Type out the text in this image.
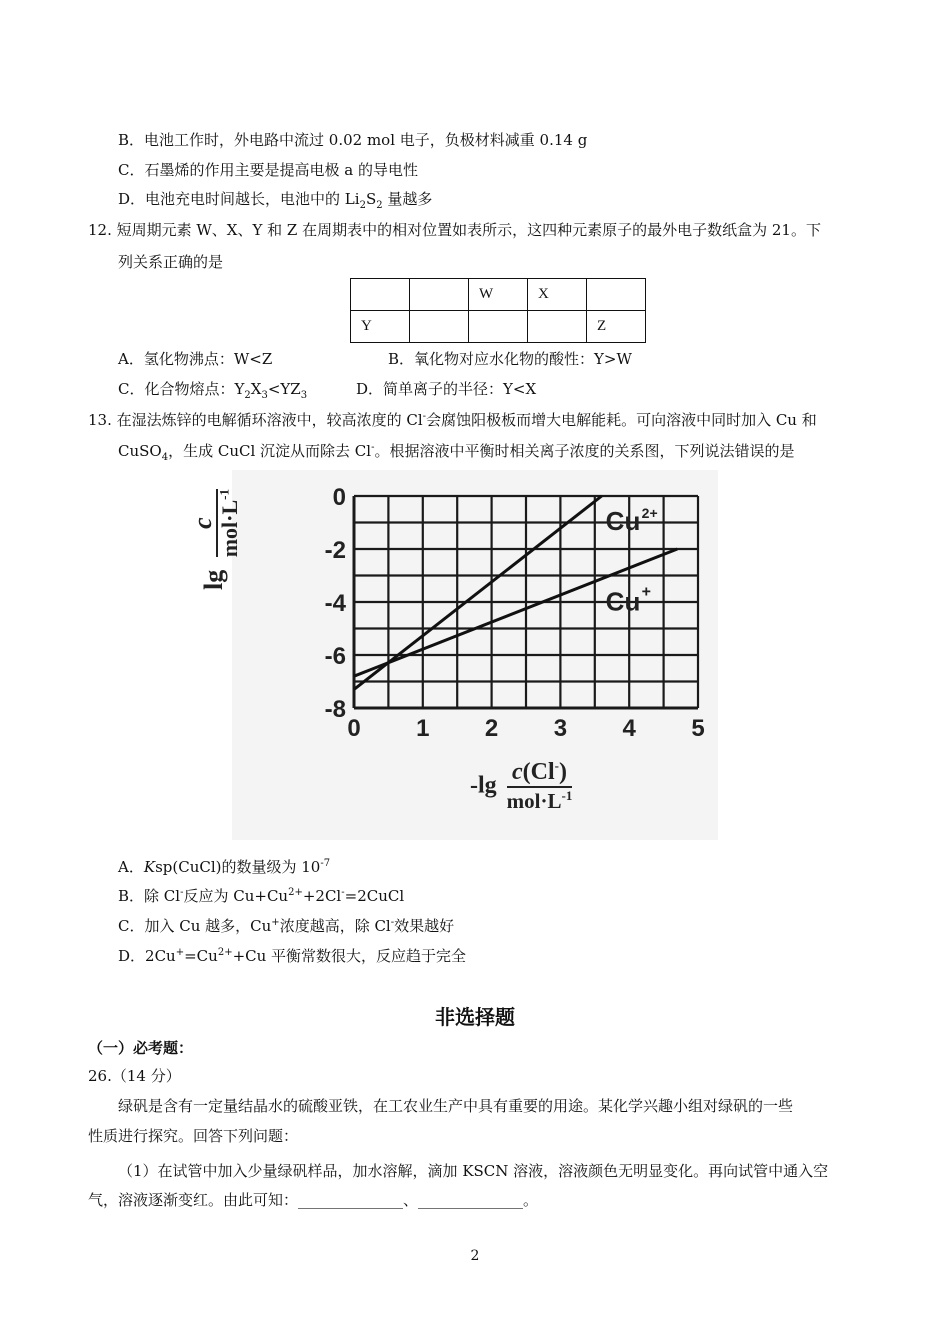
B．电池工作时，外电路中流过 0.02 mol 电子，负极材料减重 0.14 g
C．石墨烯的作用主要是提高电极 a 的导电性
D．电池充电时间越长，电池中的 $Li_2S_2$ 量越多
12. 短周期元素 W、X、Y 和 Z 在周期表中的相对位置如表所示，这四种元素原子的最外电子数纸盒为 21。下
列关系正确的是
		W	X	
Y				Z
A．氢化物沸点：W<Z	B．氧化物对应水化物的酸性：Y>W
C．化合物熔点：$Y_2X_3<YZ_3$	D．简单离子的半径：Y<X
13. 在湿法炼锌的电解循环溶液中，较高浓度的 Cl-会腐蚀阳极板而增大电解能耗。可向溶液中同时加入 Cu 和
CuSO$_4$，生成 CuCl 沉淀从而除去 Cl-。根据溶液中平衡时相关离子浓度的关系图，下列说法错误的是
0 1 2 3 4 5
0
-2
-4
-6
-8
Cu 2+
Cu +
lg
c $mol\cdot L^{-1}$
-lg
c(Cl-)
$mol\cdot L^{-1}$
A．Ksp(CuCl)的数量级为 $10^{-7}$
B．除 Cl-反应为 $Cu+Cu^{2+}+2Cl^-=2CuCl$
C．加入 Cu 越多，Cu+浓度越高，除 Cl-效果越好
D．$2Cu^+=Cu^{2+}+Cu$ 平衡常数很大，反应趋于完全
非选择题
（一）必考题：
26.（14 分）
绿矾是含有一定量结晶水的硫酸亚铁，在工农业生产中具有重要的用途。某化学兴趣小组对绿矾的一些
性质进行探究。回答下列问题：
（1）在试管中加入少量绿矾样品，加水溶解，滴加 KSCN 溶液，溶液颜色无明显变化。再向试管中通入空
气，溶液逐渐变红。由此可知：______________、______________。
2
